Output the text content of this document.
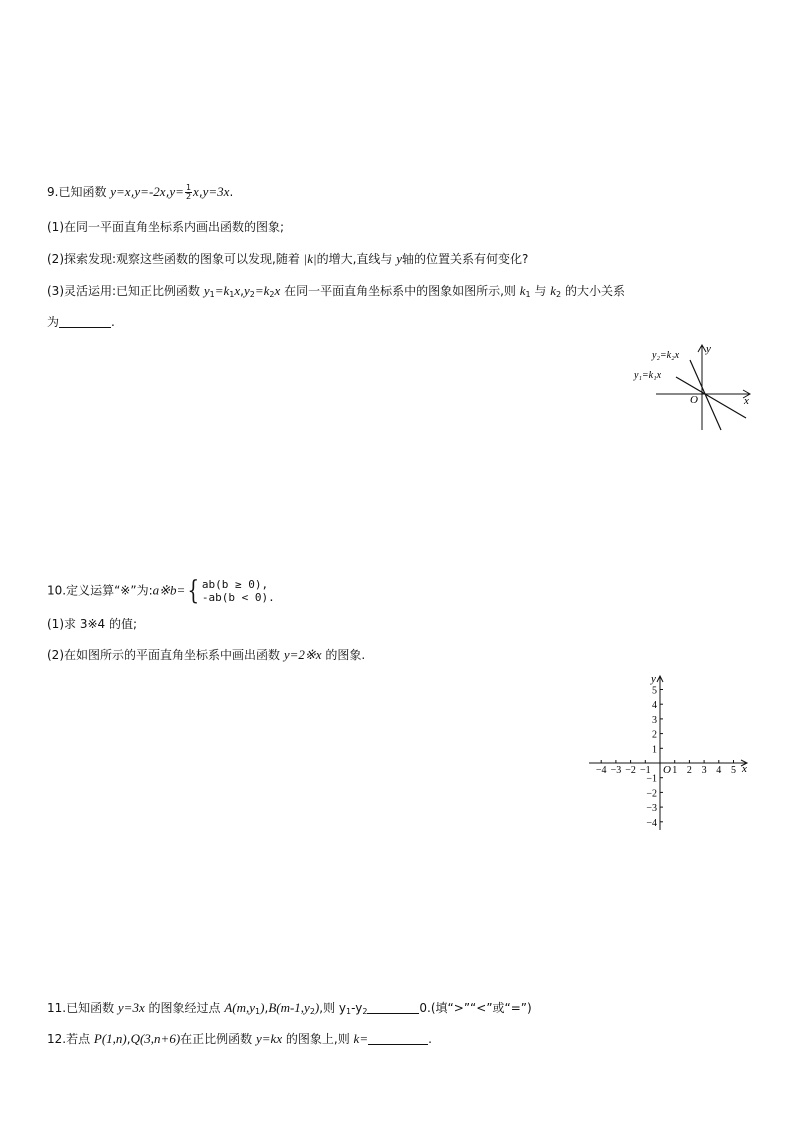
9.已知函数 $y=x,y=-2x,y= \frac{1}{2} x,y=3x$.
(1)在同一平面直角坐标系内画出函数的图象;
(2)探索发现:观察这些函数的图象可以发现,随着 |k|的增大,直线与 y轴的位置关系有何变化?
(3)灵活运用:已知正比例函数 $y_1=k_1x,y_2=k_2x$ 在同一平面直角坐标系中的图象如图所示,则 $k_1$ 与 $k_2$ 的大小关系
为	.
y₂=k₂x
y₁=k₁x
O	x
y
10.定义运算“※”为:a※b={ ab(b ≥ 0),
-ab(b < 0).
(1)求 3※4 的值;
(2)在如图所示的平面直角坐标系中画出函数 y=2※x 的图象.
−4 −3 −2 −1 1 2 3 4 5
5
4
3
2
1
−1
−2
−3
−4
O	x
y
11.已知函数 y=3x 的图象经过点 $A(m,y_1),B(m-1,y_2)$,则 $y_1-y_2$	0.(填“>”“<”或“=”)
12.若点 P(1,n),Q(3,n+6)在正比例函数 y=kx 的图象上,则 k=	.
